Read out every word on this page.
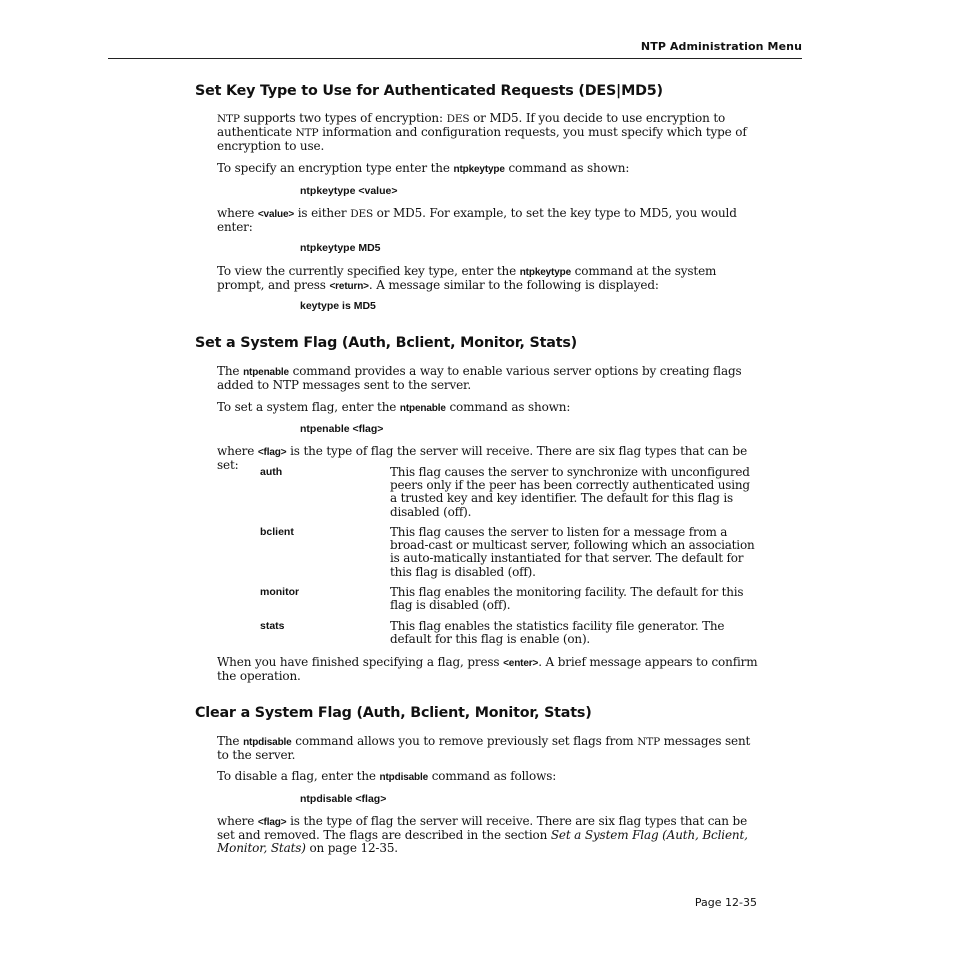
NTP Administration Menu
Set Key Type to Use for Authenticated Requests (DES|MD5)
NTP supports two types of encryption: DES or MD5. If you decide to use encryption to authenticate NTP information and configuration requests, you must specify which type of encryption to use.
To specify an encryption type enter the ntpkeytype command as shown:
ntpkeytype <value>
where <value> is either DES or MD5. For example, to set the key type to MD5, you would enter:
ntpkeytype MD5
To view the currently specified key type, enter the ntpkeytype command at the system prompt, and press <return>. A message similar to the following is displayed:
keytype is MD5
Set a System Flag (Auth, Bclient, Monitor, Stats)
The ntpenable command provides a way to enable various server options by creating flags added to NTP messages sent to the server.
To set a system flag, enter the ntpenable command as shown:
ntpenable <flag>
where <flag> is the type of flag the server will receive. There are six flag types that can be set:	auth	This flag causes the server to synchronize with unconfigured peers only if the peer has been correctly authenticated using a trusted key and key identifier. The default for this flag is disabled (off).
bclient	This flag causes the server to listen for a message from a broad-cast or multicast server, following which an association is auto-matically instantiated for that server. The default for this flag is disabled (off).
monitor	This flag enables the monitoring facility. The default for this flag is disabled (off).
stats	This flag enables the statistics facility file generator. The default for this flag is enable (on).
When you have finished specifying a flag, press <enter>. A brief message appears to confirm the operation.
Clear a System Flag (Auth, Bclient, Monitor, Stats)
The ntpdisable command allows you to remove previously set flags from NTP messages sent to the server.
To disable a flag, enter the ntpdisable command as follows:
ntpdisable <flag>
where <flag> is the type of flag the server will receive. There are six flag types that can be set and removed. The flags are described in the section Set a System Flag (Auth, Bclient, Monitor, Stats) on page 12-35.
Page 12-35
